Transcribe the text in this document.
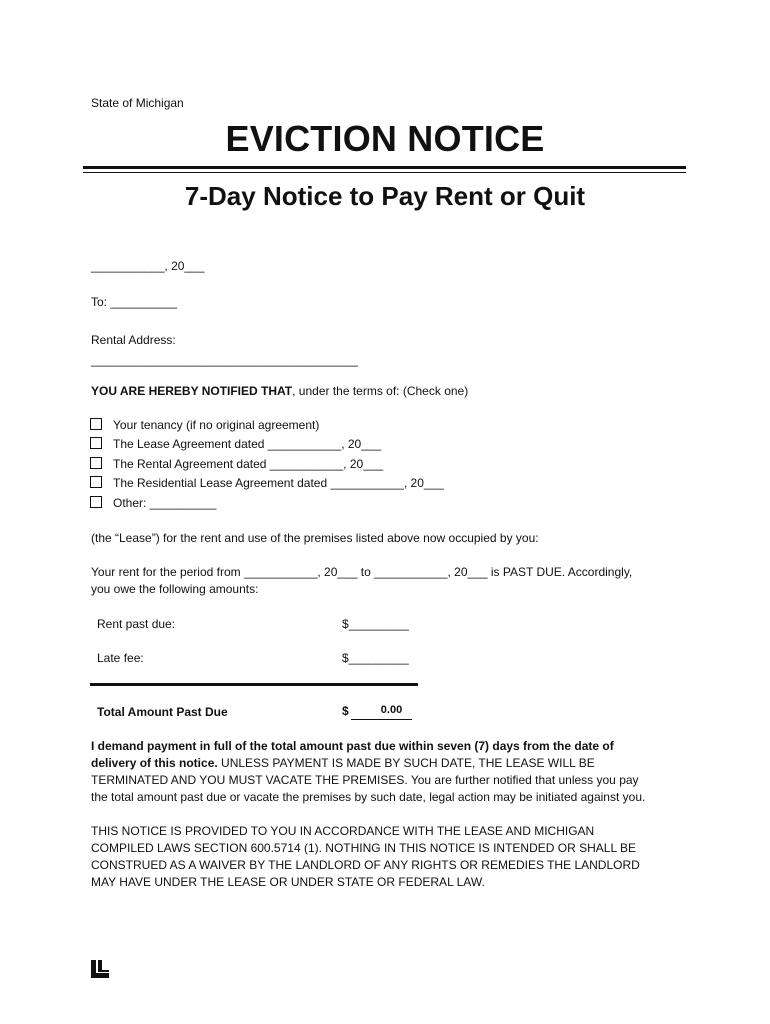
State of Michigan
EVICTION NOTICE
7-Day Notice to Pay Rent or Quit
___________, 20___
To: __________
Rental Address:
________________________________________
YOU ARE HEREBY NOTIFIED THAT, under the terms of: (Check one)
Your tenancy (if no original agreement)
The Lease Agreement dated ___________, 20___
The Rental Agreement dated ___________, 20___
The Residential Lease Agreement dated ___________, 20___
Other: __________
(the “Lease”) for the rent and use of the premises listed above now occupied by you:
Your rent for the period from ___________, 20___ to ___________, 20___ is PAST DUE. Accordingly,
you owe the following amounts:
Rent past due:	$_________
Late fee:	$_________
Total Amount Past Due	$	0.00
I demand payment in full of the total amount past due within seven (7) days from the date of
delivery of this notice. UNLESS PAYMENT IS MADE BY SUCH DATE, THE LEASE WILL BE
TERMINATED AND YOU MUST VACATE THE PREMISES. You are further notified that unless you pay
the total amount past due or vacate the premises by such date, legal action may be initiated against you.
THIS NOTICE IS PROVIDED TO YOU IN ACCORDANCE WITH THE LEASE AND MICHIGAN
COMPILED LAWS SECTION 600.5714 (1). NOTHING IN THIS NOTICE IS INTENDED OR SHALL BE
CONSTRUED AS A WAIVER BY THE LANDLORD OF ANY RIGHTS OR REMEDIES THE LANDLORD
MAY HAVE UNDER THE LEASE OR UNDER STATE OR FEDERAL LAW.
